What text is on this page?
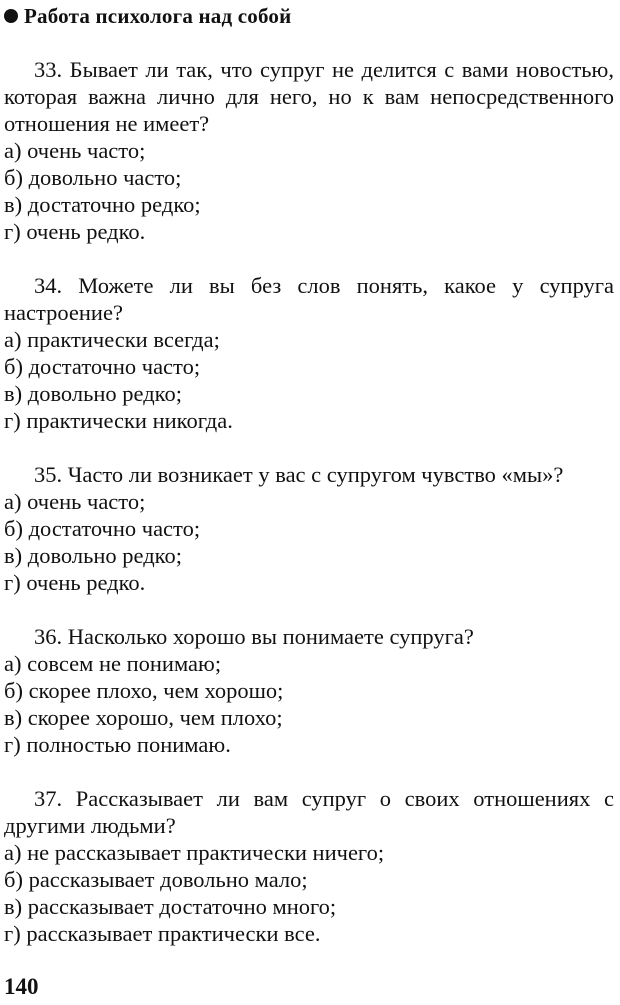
Работа психолога над собой

33. Бывает ли так, что супруг не делится с вами новостью, которая важна лично для него, но к вам непосредственного отношения не имеет?

а) очень часто;
б) довольно часто;
в) достаточно редко;
г) очень редко.

34. Можете ли вы без слов понять, какое у супруга настроение?

а) практически всегда;
б) достаточно часто;
в) довольно редко;
г) практически никогда.

35. Часто ли возникает у вас с супругом чувство «мы»?

а) очень часто;
б) достаточно часто;
в) довольно редко;
г) очень редко.

36. Насколько хорошо вы понимаете супруга?

а) совсем не понимаю;
б) скорее плохо, чем хорошо;
в) скорее хорошо, чем плохо;
г) полностью понимаю.

37. Рассказывает ли вам супруг о своих отношениях с другими людьми?

а) не рассказывает практически ничего;
б) рассказывает довольно мало;
в) рассказывает достаточно много;
г) рассказывает практически все.
140
